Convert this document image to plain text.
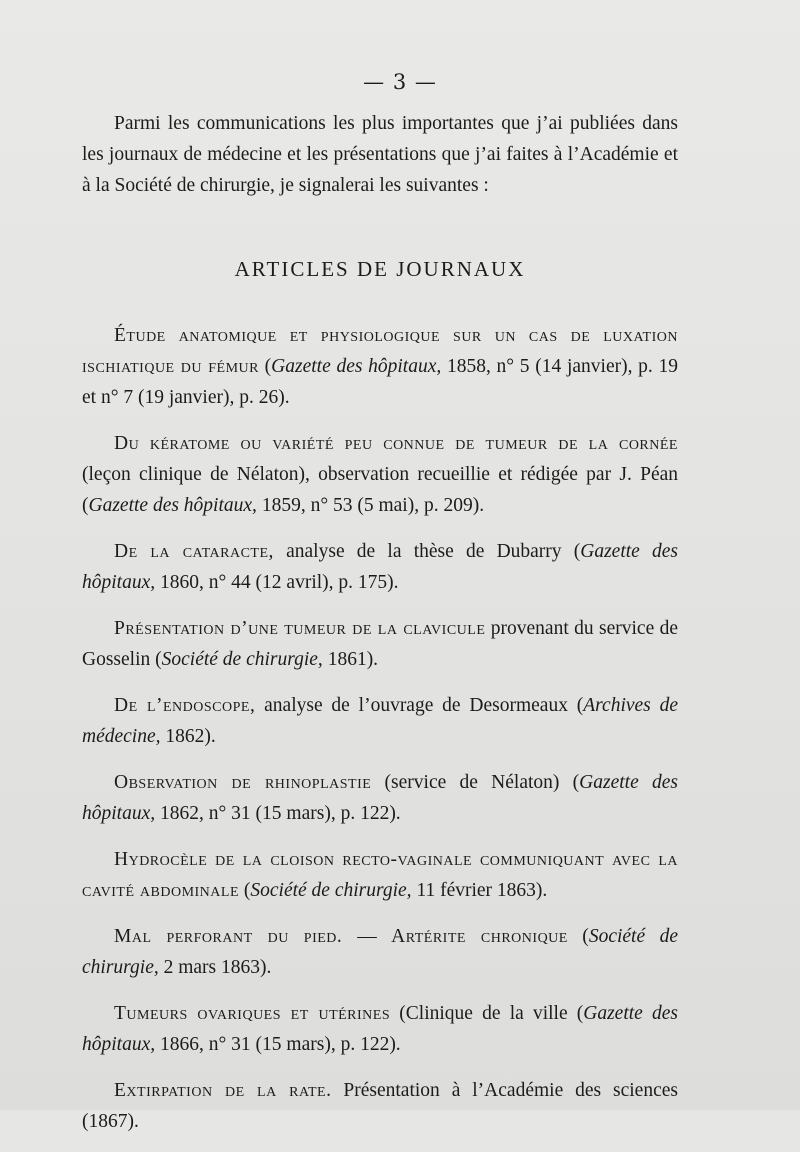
— 3 —

Parmi les communications les plus importantes que j’ai publiées dans les journaux de médecine et les présentations que j’ai faites à l’Académie et à la Société de chirurgie, je signalerai les suivantes :

ARTICLES DE JOURNAUX

Étude anatomique et physiologique sur un cas de luxation ischiatique du fémur (Gazette des hôpitaux, 1858, n° 5 (14 janvier), p. 19 et n° 7 (19 janvier), p. 26).

Du kératome ou variété peu connue de tumeur de la cornée (leçon clinique de Nélaton), observation recueillie et rédigée par J. Péan (Gazette des hôpitaux, 1859, n° 53 (5 mai), p. 209).

De la cataracte, analyse de la thèse de Dubarry (Gazette des hôpitaux, 1860, n° 44 (12 avril), p. 175).

Présentation d’une tumeur de la clavicule provenant du service de Gosselin (Société de chirurgie, 1861).

De l’endoscope, analyse de l’ouvrage de Desormeaux (Archives de médecine, 1862).

Observation de rhinoplastie (service de Nélaton) (Gazette des hôpitaux, 1862, n° 31 (15 mars), p. 122).

Hydrocèle de la cloison recto-vaginale communiquant avec la cavité abdominale (Société de chirurgie, 11 février 1863).

Mal perforant du pied. — Artérite chronique (Société de chirurgie, 2 mars 1863).

Tumeurs ovariques et utérines (Clinique de la ville (Gazette des hôpitaux, 1866, n° 31 (15 mars), p. 122).

Extirpation de la rate. Présentation à l’Académie des sciences (1867).
